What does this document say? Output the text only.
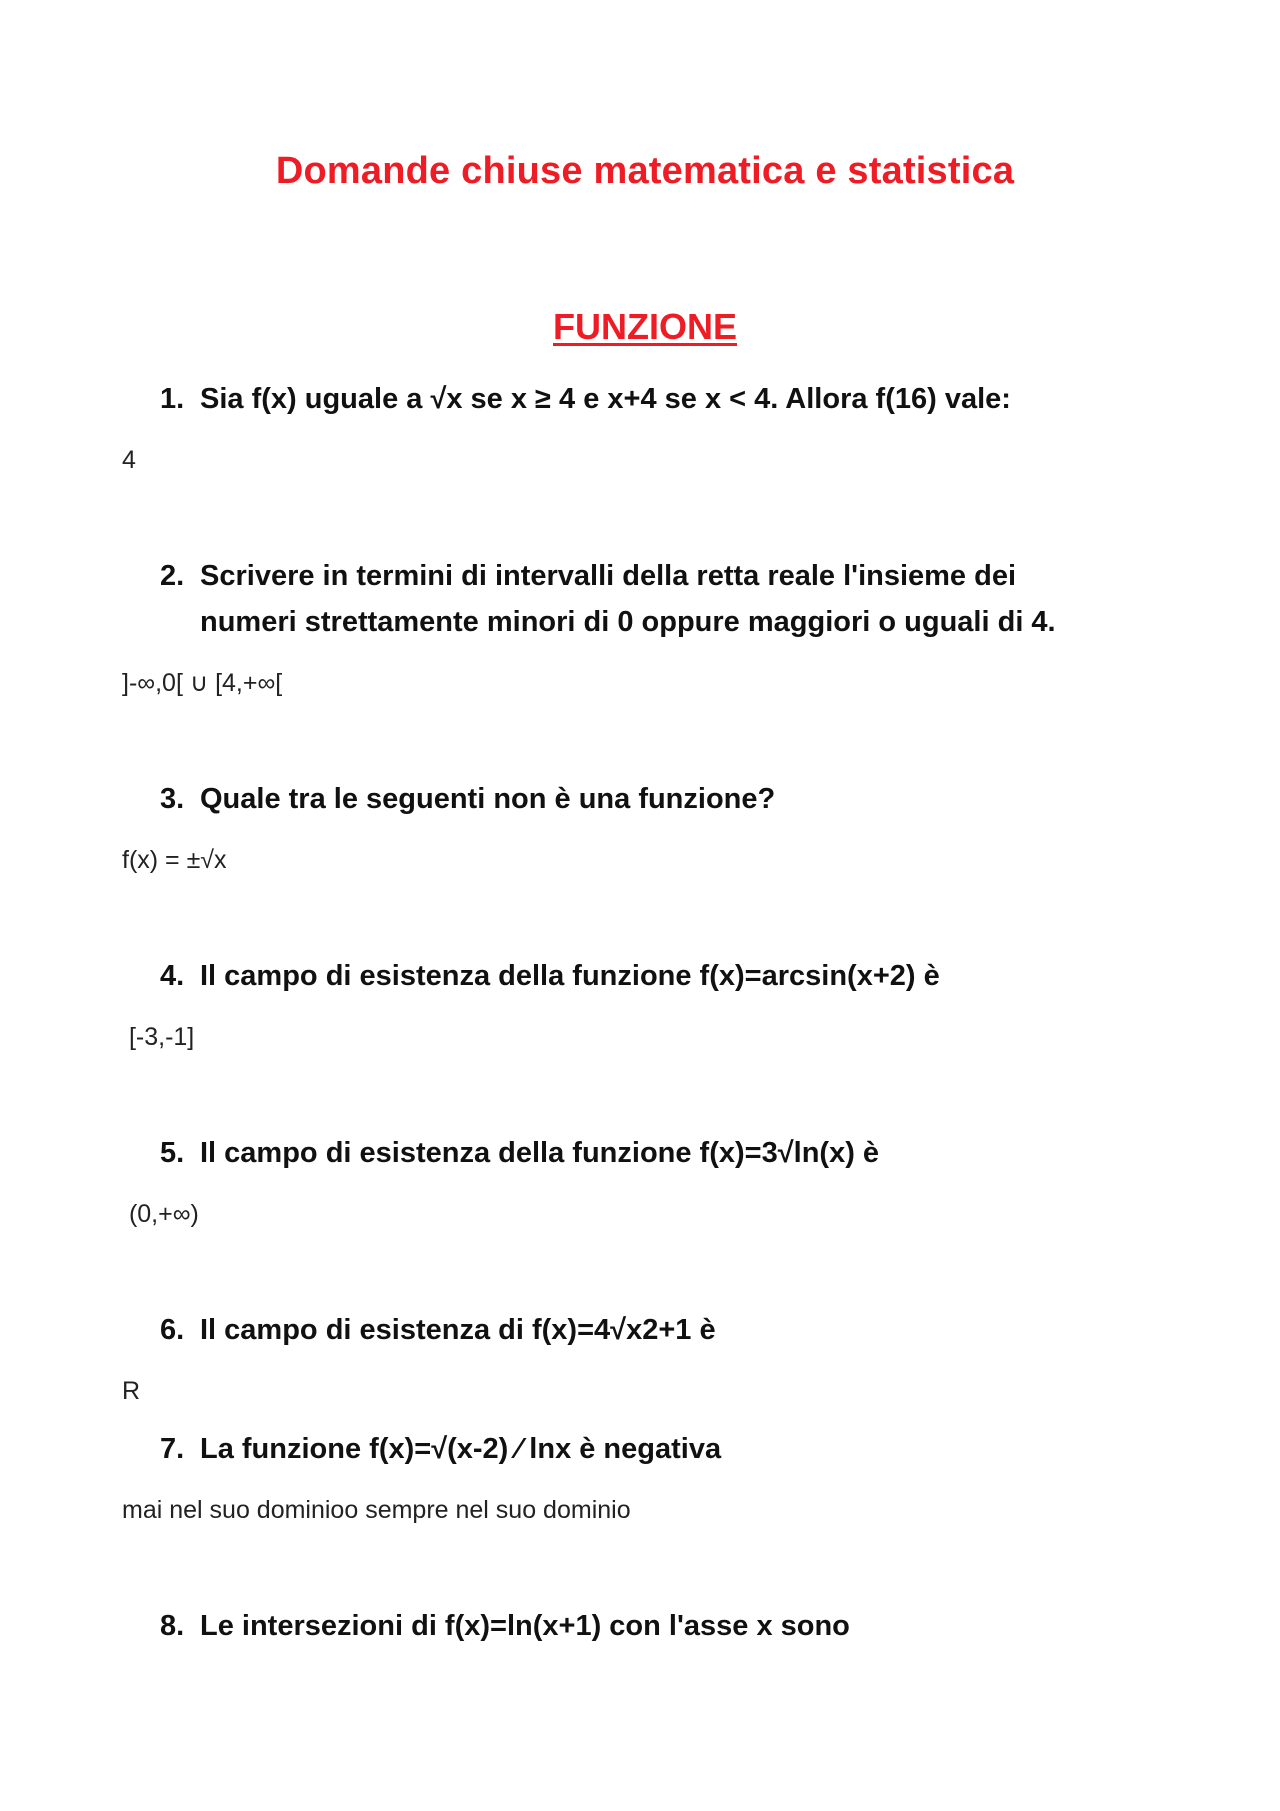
Domande chiuse matematica e statistica
FUNZIONE
1. Sia f(x) uguale a √x se x ≥ 4 e x+4 se x < 4. Allora f(16) vale:
4
2. Scrivere in termini di intervalli della retta reale l'insieme dei numeri strettamente minori di 0 oppure maggiori o uguali di 4.
]-∞,0[ ∪ [4,+∞[
3. Quale tra le seguenti non è una funzione?
f(x) = ±√x
4. Il campo di esistenza della funzione f(x)=arcsin(x+2) è
[-3,-1]
5. Il campo di esistenza della funzione f(x)=3√ln(x) è
(0,+∞)
6. Il campo di esistenza di f(x)=4√x2+1 è
R
7. La funzione f(x)=√(x-2) ⁄ lnx è negativa
mai nel suo dominioo sempre nel suo dominio
8. Le intersezioni di f(x)=ln(x+1) con l'asse x sono
